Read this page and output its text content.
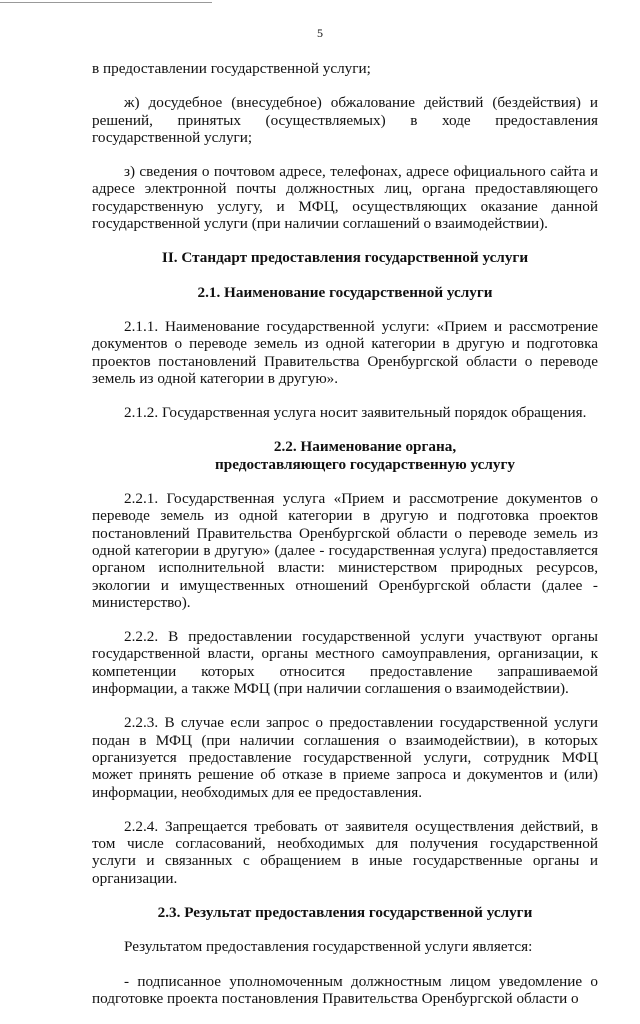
5

в предоставлении государственной услуги;

ж) досудебное (внесудебное) обжалование действий (бездействия) и решений, принятых (осуществляемых) в ходе предоставления государственной услуги;

з) сведения о почтовом адресе, телефонах, адресе официального сайта и адресе электронной почты должностных лиц, органа предоставляющего государственную услугу, и МФЦ, осуществляющих оказание данной государственной услуги (при наличии соглашений о взаимодействии).

II. Стандарт предоставления государственной услуги
2.1. Наименование государственной услуги

2.1.1. Наименование государственной услуги: «Прием и рассмотрение документов о переводе земель из одной категории в другую и подготовка проектов постановлений Правительства Оренбургской области о переводе земель из одной категории в другую».

2.1.2. Государственная услуга носит заявительный порядок обращения.

2.2. Наименование органа,
предоставляющего государственную услугу

2.2.1. Государственная услуга «Прием и рассмотрение документов о переводе земель из одной категории в другую и подготовка проектов постановлений Правительства Оренбургской области о переводе земель из одной категории в другую» (далее - государственная услуга) предоставляется органом исполнительной власти: министерством природных ресурсов, экологии и имущественных отношений Оренбургской области (далее - министерство).

2.2.2. В предоставлении государственной услуги участвуют органы государственной власти, органы местного самоуправления, организации, к компетенции которых относится предоставление запрашиваемой информации, а также МФЦ (при наличии соглашения о взаимодействии).

2.2.3. В случае если запрос о предоставлении государственной услуги подан в МФЦ (при наличии соглашения о взаимодействии), в которых организуется предоставление государственной услуги, сотрудник МФЦ может принять решение об отказе в приеме запроса и документов и (или) информации, необходимых для ее предоставления.

2.2.4. Запрещается требовать от заявителя осуществления действий, в том числе согласований, необходимых для получения государственной услуги и связанных с обращением в иные государственные органы и организации.

2.3. Результат предоставления государственной услуги

Результатом предоставления государственной услуги является:

- подписанное уполномоченным должностным лицом уведомление о подготовке проекта постановления Правительства Оренбургской области о
